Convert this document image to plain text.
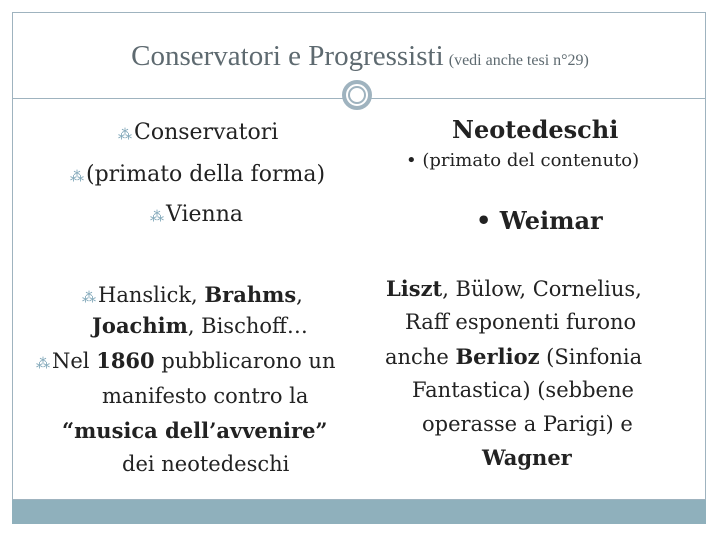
Conservatori e Progressisti (vedi anche tesi n°29)
⁂Conservatori
⁂(primato della forma)
⁂Vienna
⁂Hanslick, Brahms,
Joachim, Bischoff…
⁂Nel 1860 pubblicarono un
manifesto contro la
“musica dell’avvenire”
dei neotedeschi
Neotedeschi
• (primato del contenuto)
• Weimar
Liszt, Bülow, Cornelius,
Raff esponenti furono
anche Berlioz (Sinfonia
Fantastica) (sebbene
operasse a Parigi) e
Wagner
